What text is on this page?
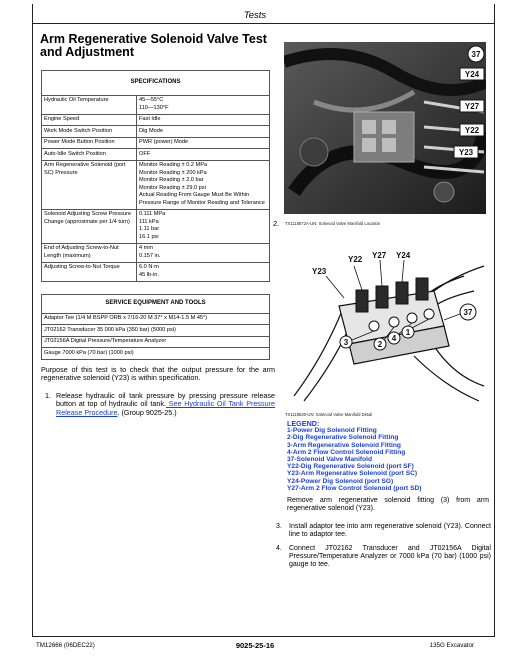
Tests
Arm Regenerative Solenoid Valve Test and Adjustment
SPECIFICATIONS	
Hydraulic Oil Temperature	45—55°C
110—130°F
Engine Speed	Fast Idle
Work Mode Switch Position	Dig Mode
Power Mode Button Position	PWR (power) Mode
Auto-Idle Switch Position	OFF
Arm Regenerative Solenoid (port SC) Pressure	Monitor Reading ± 0.2 MPa
Monitor Reading ± 200 kPa
Monitor Reading ± 2.0 bar
Monitor Reading ± 29.0 psi
Actual Reading From Gauge Must Be Within Pressure Range of Monitor Reading and Tolerance
Solenoid Adjusting Screw Pressure Change (approximate per 1/4 turn)	0.111 MPa
111 kPa
1.11 bar
16.1 psi
End of Adjusting Screw-to-Nut Length (maximum)	4 mm
0.157 in.
Adjusting Screw-to-Nut Torque	6.0 N·m
45 lb-in.
SERVICE EQUIPMENT AND TOOLS
Adaptor Tee (1/4 M BSPP ORB x 7/16-20 M 37° x M14-1.5 M 45°)
JT02162 Transducer 35 000 kPa (350 bar) (5000 psi)
JT02156A Digital Pressure/Temperature Analyzer
Gauge 7000 kPa (70 bar) (1000 psi)
Purpose of this test is to check that the output pressure for the arm regenerative solenoid (Y23) is within specification.
1. Release hydraulic oil tank pressure by pressing pressure release button at top of hydraulic oil tank. See Hydraulic Oil Tank Pressure Release Procedure. (Group 9025-25.)
37
Y24
Y27
Y22
Y23
2. TX1118872A-UN: Solenoid Valve Manifold Location
Y22 Y27 Y24
Y23
3	2
4
1
37
TX1118630-UN: Solenoid Valve Manifold Detail
LEGEND:
1-Power Dig Solenoid Fitting
2-Dig Regenerative Solenoid Fitting
3-Arm Regenerative Solenoid Fitting
4-Arm 2 Flow Control Solenoid Fitting
37-Solenoid Valve Manifold
Y22-Dig Regenerative Solenoid (port SF)
Y23-Arm Regenerative Solenoid (port SC)
Y24-Power Dig Solenoid (port SG)
Y27-Arm 2 Flow Control Solenoid (port SD)
Remove arm regenerative solenoid fitting (3) from arm regenerative solenoid (Y23).
3. Install adaptor tee into arm regenerative solenoid (Y23). Connect line to adaptor tee.
4. Connect JT02162 Transducer and JT02156A Digital Pressure/Temperature Analyzer or 7000 kPa (70 bar) (1000 psi) gauge to tee.
TM12666 (06DEC22)	9025-25-16	135G Excavator
